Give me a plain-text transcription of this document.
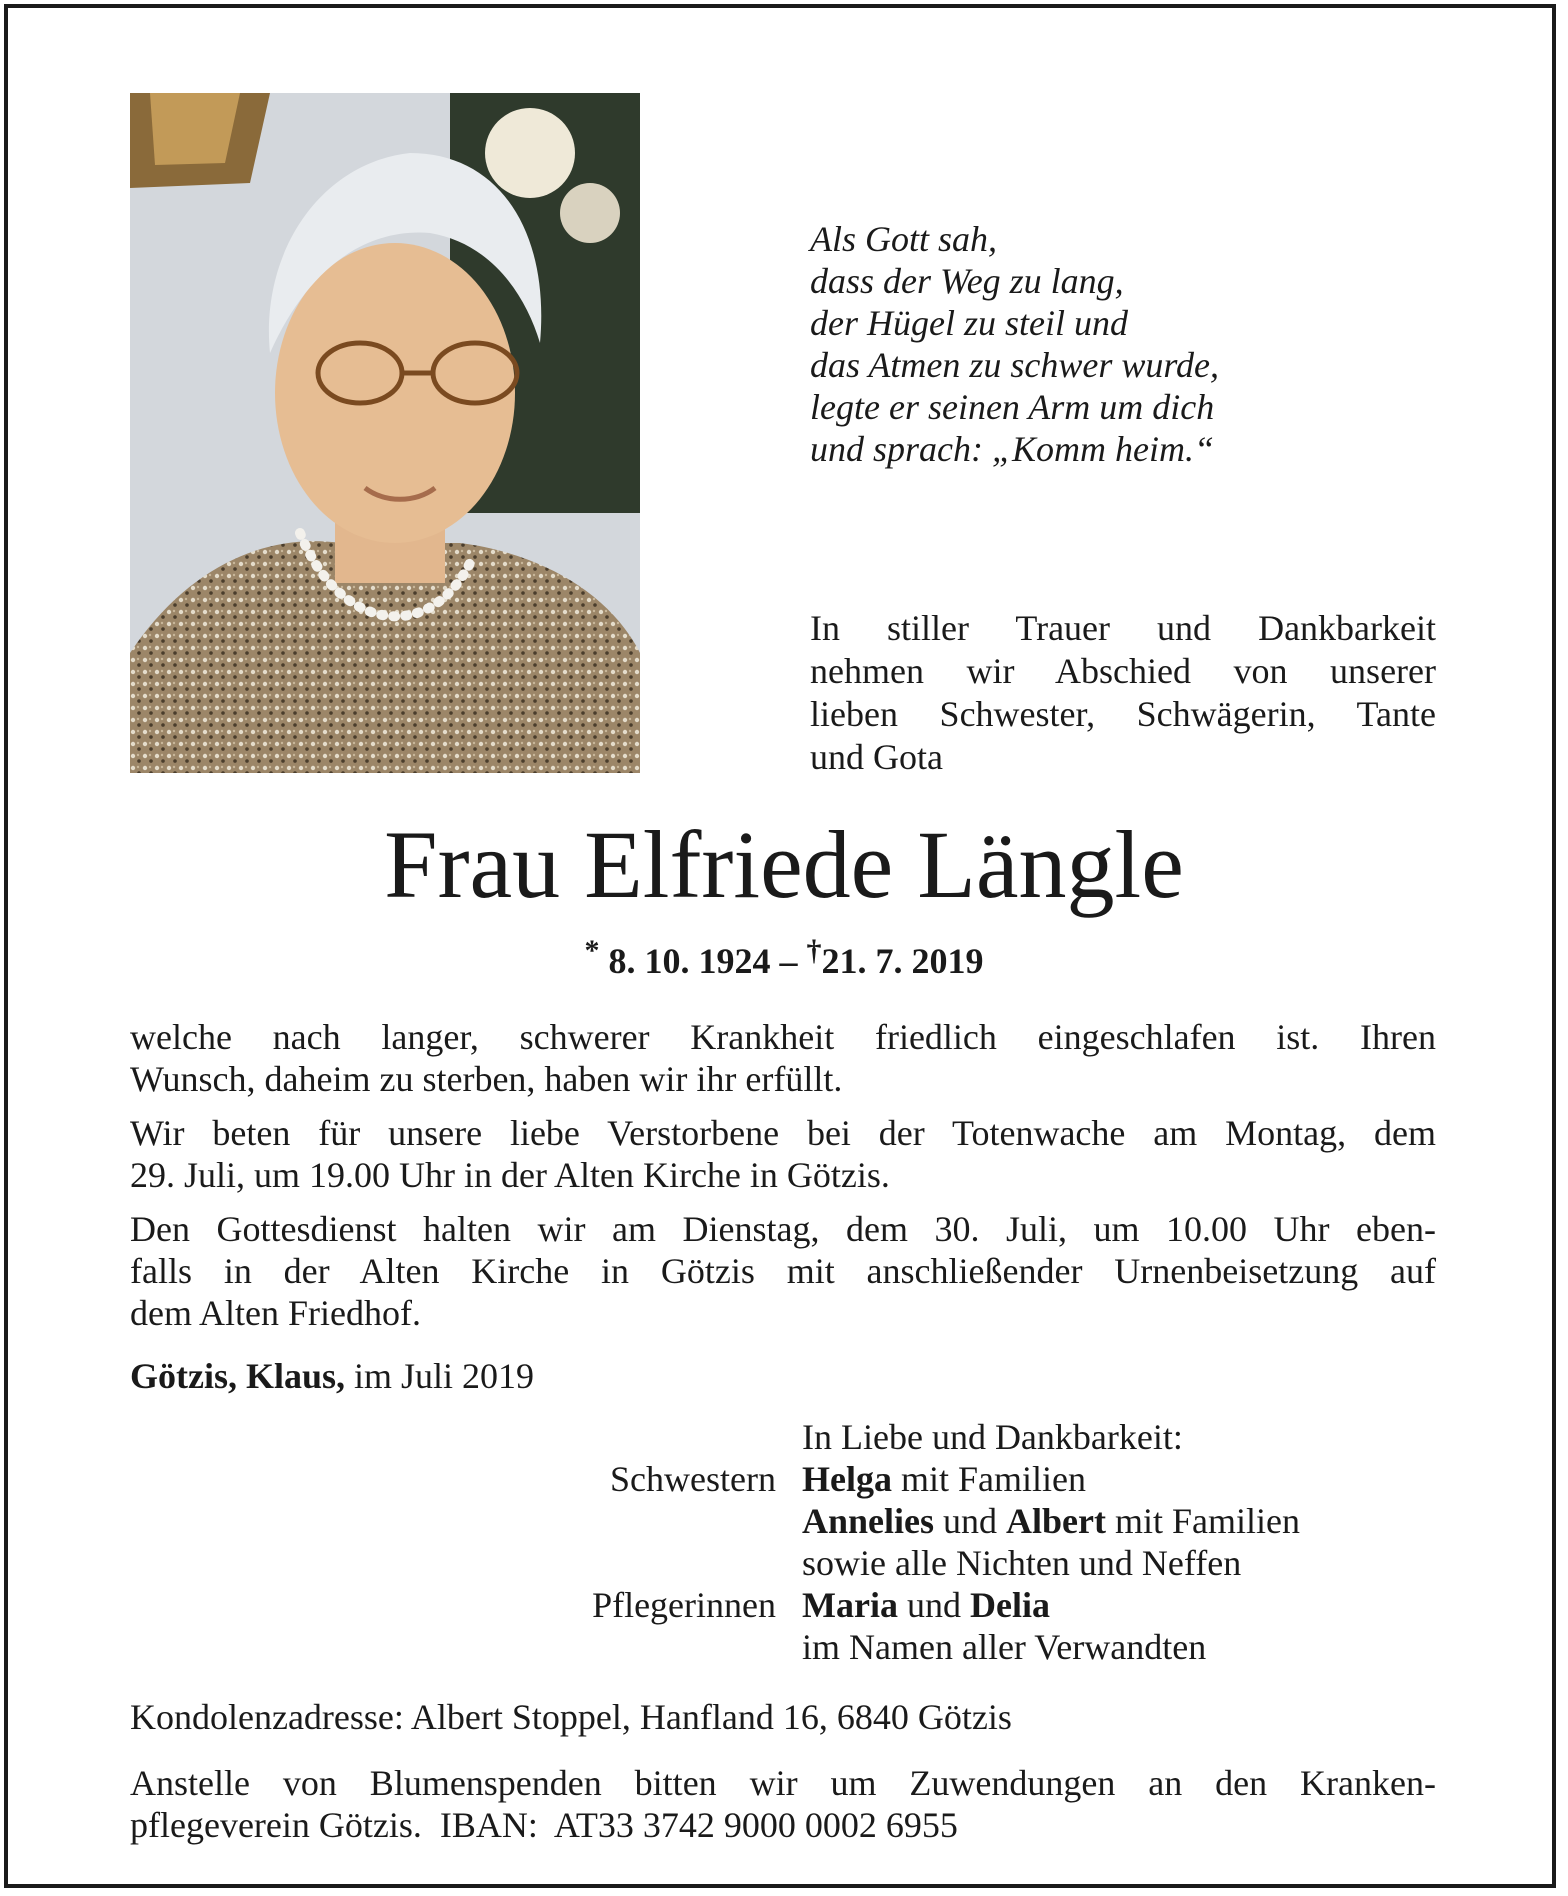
Als Gott sah,
dass der Weg zu lang,
der Hügel zu steil und
das Atmen zu schwer wurde,
legte er seinen Arm um dich
und sprach: „Komm heim.“
In stiller Trauer und Dankbarkeit
nehmen wir Abschied von unserer
lieben Schwester, Schwägerin, Tante
und Gota
Frau Elfriede Längle
* 8. 10. 1924 – †21. 7. 2019

welche nach langer, schwerer Krankheit friedlich eingeschlafen ist. Ihren
Wunsch, daheim zu sterben, haben wir ihr erfüllt.

Wir beten für unsere liebe Verstorbene bei der Totenwache am Montag, dem
29. Juli, um 19.00 Uhr in der Alten Kirche in Götzis.

Den Gottesdienst halten wir am Dienstag, dem 30. Juli, um 10.00 Uhr eben-
falls in der Alten Kirche in Götzis mit anschließender Urnenbeisetzung auf
dem Alten Friedhof.

Götzis, Klaus, im Juli 2019
In Liebe und Dankbarkeit:
Schwestern Helga mit Familien
Annelies und Albert mit Familien
sowie alle Nichten und Neffen
Pflegerinnen Maria und Delia
im Namen aller Verwandten
Kondolenzadresse: Albert Stoppel, Hanfland 16, 6840 Götzis
Anstelle von Blumenspenden bitten wir um Zuwendungen an den Kranken-
pflegeverein Götzis.  IBAN:  AT33 3742 9000 0002 6955
